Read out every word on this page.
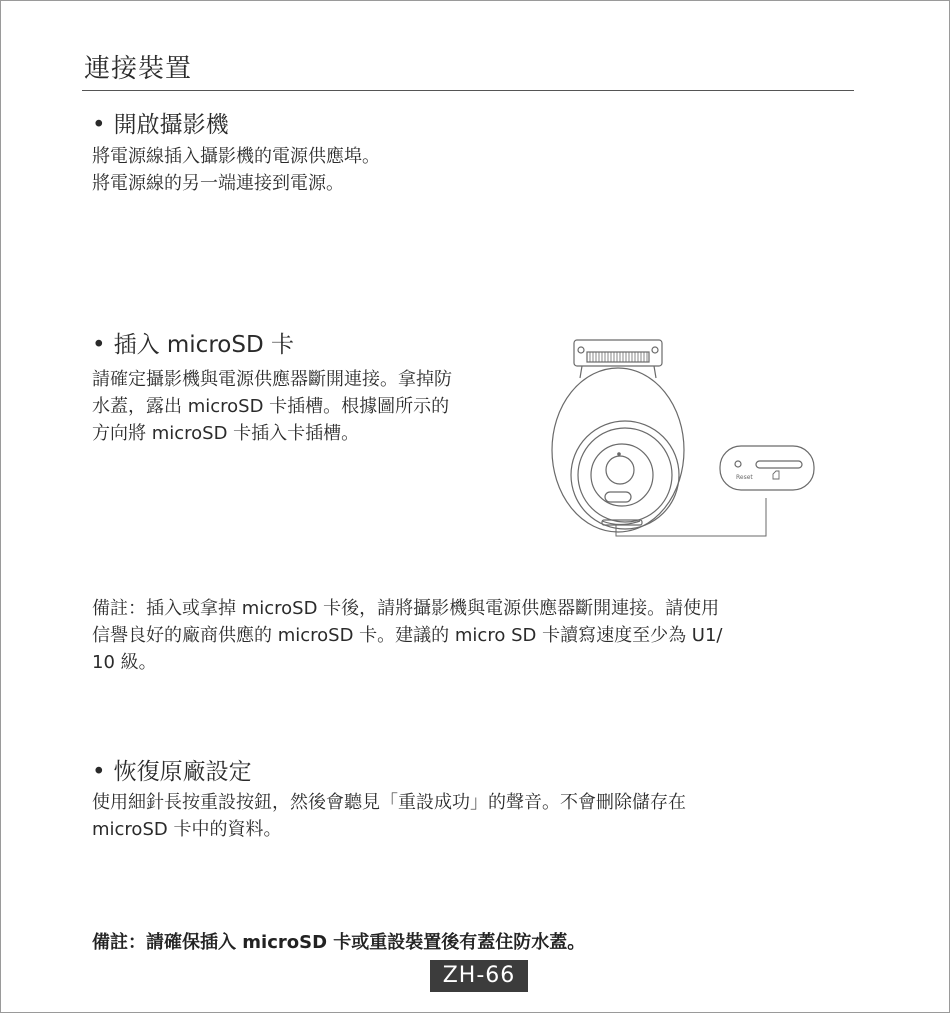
連接裝置
• 開啟攝影機
將電源線插入攝影機的電源供應埠。
將電源線的另一端連接到電源。
• 插入 microSD 卡
請確定攝影機與電源供應器斷開連接。拿掉防
水蓋，露出 microSD 卡插槽。根據圖所示的
方向將 microSD 卡插入卡插槽。
Reset
備註：插入或拿掉 microSD 卡後，請將攝影機與電源供應器斷開連接。請使用
信譽良好的廠商供應的 microSD 卡。建議的 micro SD 卡讀寫速度至少為 U1/
10 級。
• 恢復原廠設定
使用細針長按重設按鈕，然後會聽見「重設成功」的聲音。不會刪除儲存在
microSD 卡中的資料。
備註：請確保插入 microSD 卡或重設裝置後有蓋住防水蓋。
ZH-66
